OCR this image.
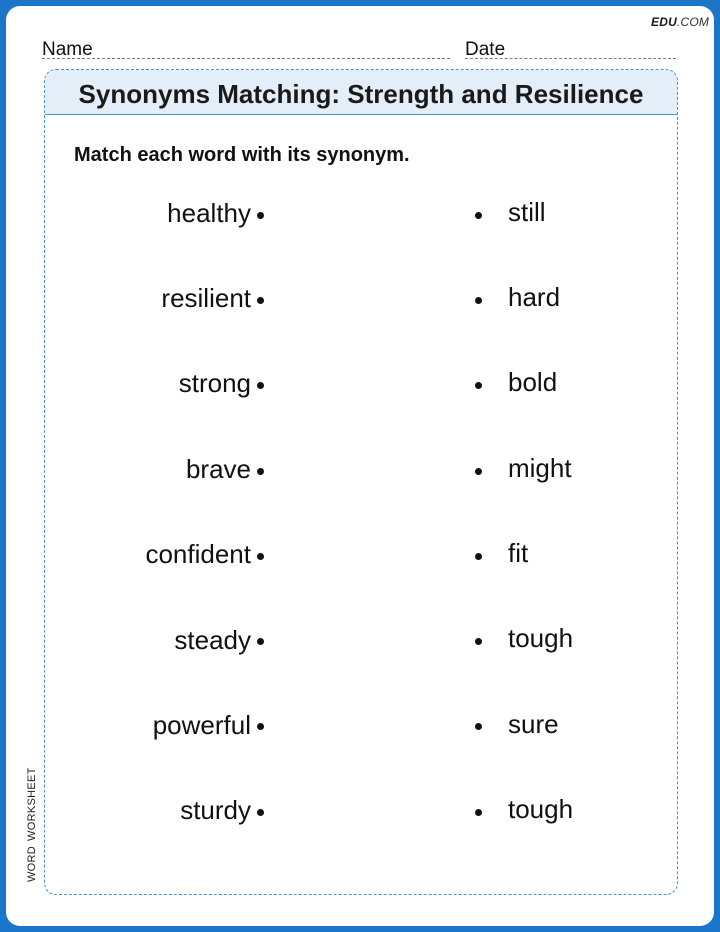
EDU.COM
Name	Date
Synonyms Matching: Strength and Resilience
Match each word with its synonym.
healthy
resilient
strong
brave
confident
steady
powerful
sturdy
still
hard
bold
might
fit
tough
sure
tough
WORDWORKSHEET
